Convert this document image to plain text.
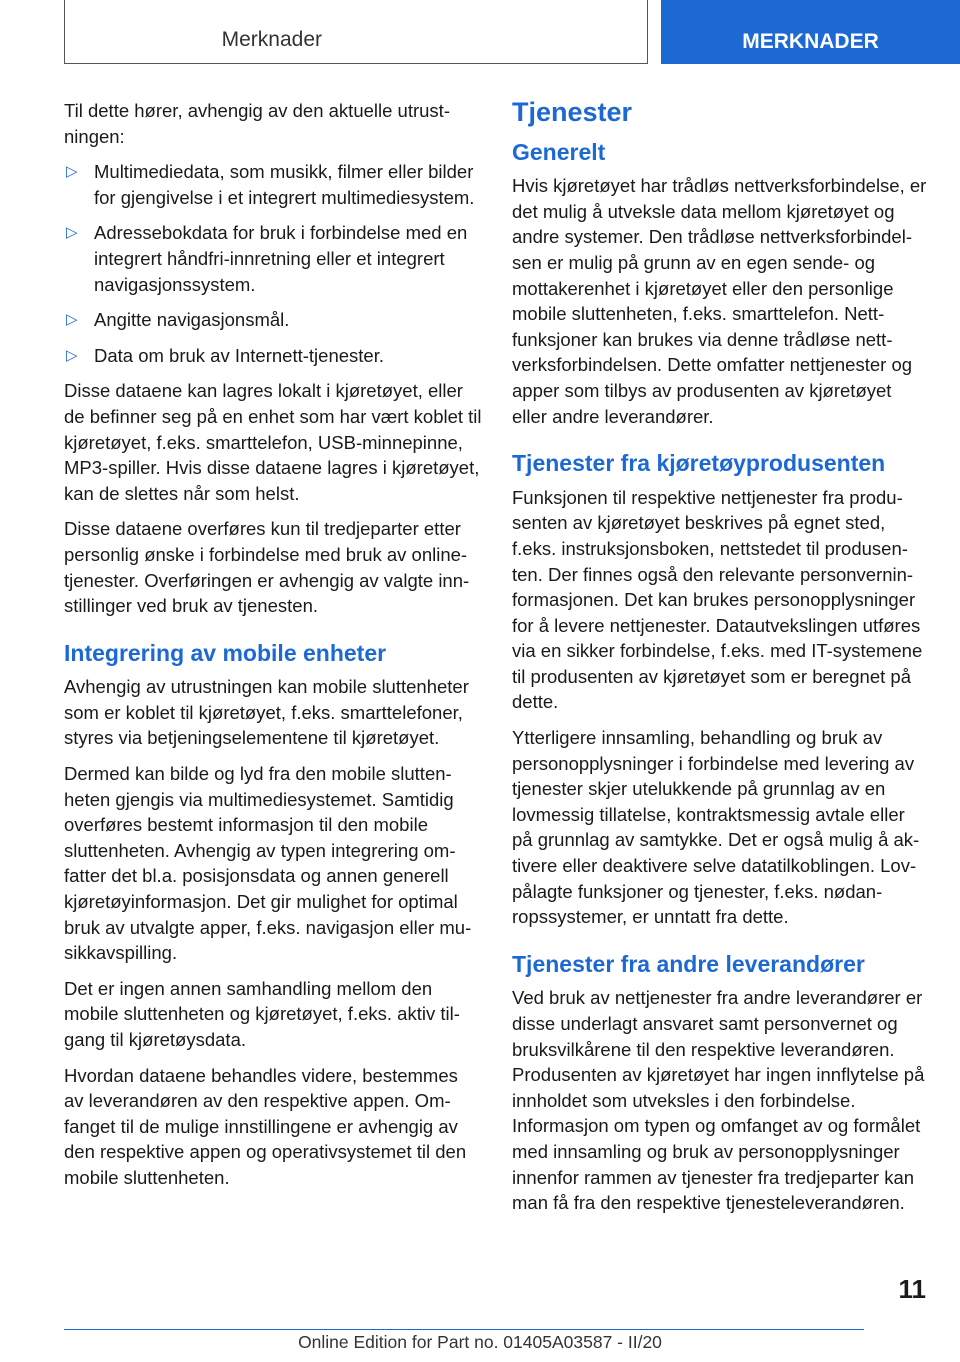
Merknader	MERKNADER

Til dette hører, avhengig av den aktuelle utrustningen:

▷ Multimediedata, som musikk, filmer eller bilder for gjengivelse i et integrert multimediesystem.
▷ Adressebokdata for bruk i forbindelse med en integrert håndfri-innretning eller et integrert navigasjonssystem.
▷ Angitte navigasjonsmål.
▷ Data om bruk av Internett-tjenester.

Disse dataene kan lagres lokalt i kjøretøyet, eller de befinner seg på en enhet som har vært koblet til kjøretøyet, f.eks. smarttelefon, USB-minnepinne, MP3-spiller. Hvis disse dataene lagres i kjøretøyet, kan de slettes når som helst.

Disse dataene overføres kun til tredjeparter etter personlig ønske i forbindelse med bruk av online-tjenester. Overføringen er avhengig av valgte innstillinger ved bruk av tjenesten.

Integrering av mobile enheter

Avhengig av utrustningen kan mobile sluttenheter som er koblet til kjøretøyet, f.eks. smarttelefoner, styres via betjeningselementene til kjøretøyet.

Dermed kan bilde og lyd fra den mobile sluttenheten gjengis via multimediesystemet. Samtidig overføres bestemt informasjon til den mobile sluttenheten. Avhengig av typen integrering omfatter det bl.a. posisjonsdata og annen generell kjøretøyinformasjon. Det gir mulighet for optimal bruk av utvalgte apper, f.eks. navigasjon eller musikkavspilling.

Det er ingen annen samhandling mellom den mobile sluttenheten og kjøretøyet, f.eks. aktiv tilgang til kjøretøysdata.

Hvordan dataene behandles videre, bestemmes av leverandøren av den respektive appen. Omfanget til de mulige innstillingene er avhengig av den respektive appen og operativsystemet til den mobile sluttenheten.

Tjenester
Generelt

Hvis kjøretøyet har trådløs nettverksforbindelse, er det mulig å utveksle data mellom kjøretøyet og andre systemer. Den trådløse nettverksforbindelsen er mulig på grunn av en egen sende- og mottakerenhet i kjøretøyet eller den personlige mobile sluttenheten, f.eks. smarttelefon. Nettfunksjoner kan brukes via denne trådløse nettverksforbindelsen. Dette omfatter nettjenester og apper som tilbys av produsenten av kjøretøyet eller andre leverandører.

Tjenester fra kjøretøyprodusenten

Funksjonen til respektive nettjenester fra produsenten av kjøretøyet beskrives på egnet sted, f.eks. instruksjonsboken, nettstedet til produsenten. Der finnes også den relevante personverninformasjonen. Det kan brukes personopplysninger for å levere nettjenester. Datautvekslingen utføres via en sikker forbindelse, f.eks. med IT-systemene til produsenten av kjøretøyet som er beregnet på dette.

Ytterligere innsamling, behandling og bruk av personopplysninger i forbindelse med levering av tjenester skjer utelukkende på grunnlag av en lovmessig tillatelse, kontraktsmessig avtale eller på grunnlag av samtykke. Det er også mulig å aktivere eller deaktivere selve datatilkoblingen. Lovpålagte funksjoner og tjenester, f.eks. nødanropssystemer, er unntatt fra dette.

Tjenester fra andre leverandører

Ved bruk av nettjenester fra andre leverandører er disse underlagt ansvaret samt personvernet og bruksvilkårene til den respektive leverandøren. Produsenten av kjøretøyet har ingen innflytelse på innholdet som utveksles i den forbindelse. Informasjon om typen og omfanget av og formålet med innsamling og bruk av personopplysninger innenfor rammen av tjenester fra tredjeparter kan man få fra den respektive tjenesteleverandøren.

11
Online Edition for Part no. 01405A03587 - II/20
